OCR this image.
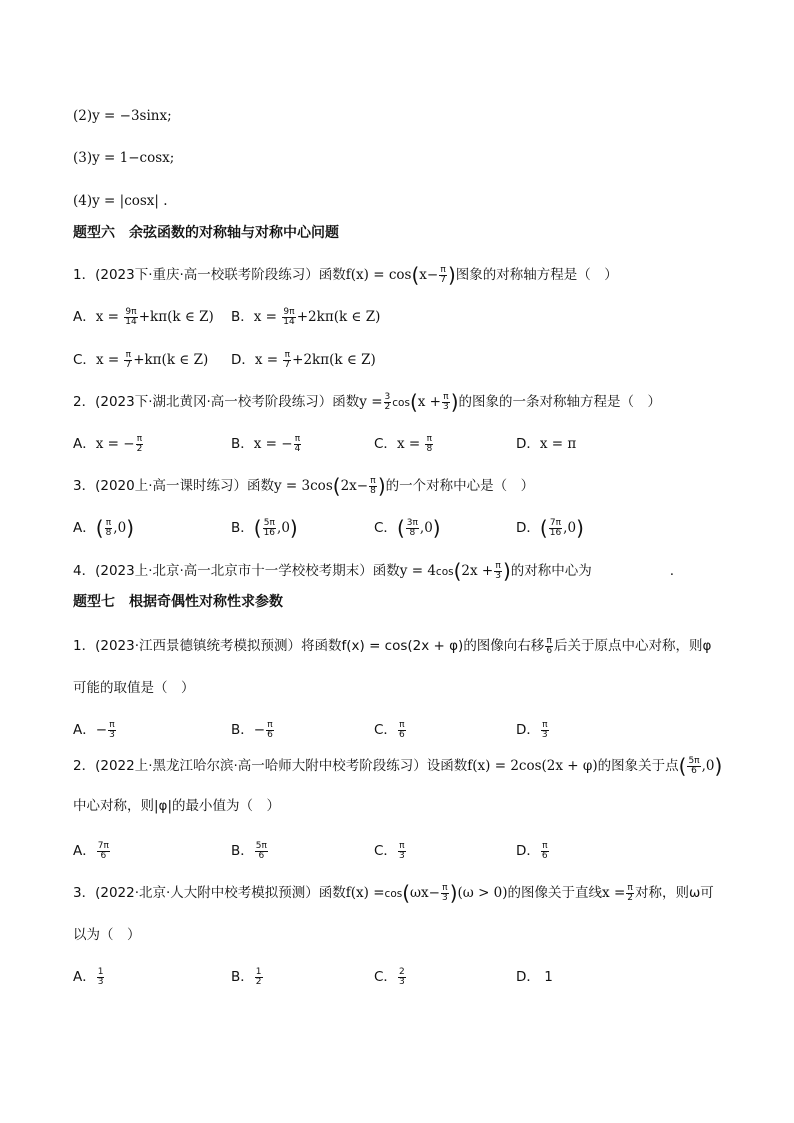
(2)y = −3sinx;
(3)y = 1−cosx;
(4)y = |cosx| .
题型六　余弦函数的对称轴与对称中心问题
1．(2023下·重庆·高一校联考阶段练习）函数$f(x) = \cos(x- \frac{\pi}{7}$ )图象的对称轴方程是（　）
A．$x = \frac{9\pi}{14} +k\pi(k$ ∈ Z) B．$x = \frac{9\pi}{14} +2k\pi(k$ ∈ Z)
C．$x = \frac{\pi}{7} +k\pi(k$ ∈ Z) D．$x = \frac{\pi}{7} +2k\pi(k$ ∈ Z)
2．(2023下·湖北黄冈·高一校考阶段练习）函数$y = \frac{3}{2} \cos(x + \frac{\pi}{3}$ )的图象的一条对称轴方程是（　）
A．x = − $\frac{\pi}{2}$	B．x = − $\frac{\pi}{4}$	C．$x = \frac{\pi}{8}$	D．x = π
3．(2020上·高一课时练习）函数$y = 3\cos(2x- \frac{\pi}{8}$ )的一个对称中心是（　）
A．( $\frac{\pi}{8} ,0$)	B．( $\frac{5\pi}{16} ,0$)	C．( $\frac{3\pi}{8} ,0$)	D．( $\frac{7\pi}{16} ,0$)
4．(2023上·北京·高一北京市十一学校校考期末）函数$y = 4\cos(2x + \frac{\pi}{3}$ )的对称中心为	.
题型七　根据奇偶性对称性求参数
1．(2023·江西景德镇统考模拟预测）将函数f(x) = cos(2x + φ)的图像向右移 $\frac{\pi}{6}$ 后关于原点中心对称，则φ
可能的取值是（　）
A．− $\frac{\pi}{3}$	B．− $\frac{\pi}{6}$	C． $\frac{\pi}{6}$	D． $\frac{\pi}{3}$
2．(2022上·黑龙江哈尔滨·高一哈师大附中校考阶段练习）设函数f(x) = 2cos(2x + φ)的图象关于点( $\frac{5\pi}{6} ,0$)
中心对称，则|φ|的最小值为（　）
A． $\frac{7\pi}{6}$	B． $\frac{5\pi}{6}$	C． $\frac{\pi}{3}$	D． $\frac{\pi}{6}$
3．(2022·北京·人大附中校考模拟预测）函数$f(x) =\cos(\omega x- \frac{\pi}{3} )(\omega > 0)$的图像关于直线$x = \frac{\pi}{2}$ 对称，则ω可
以为（　）
A． $\frac{1}{3}$	B． $\frac{1}{2}$	C． $\frac{2}{3}$	D． 1
